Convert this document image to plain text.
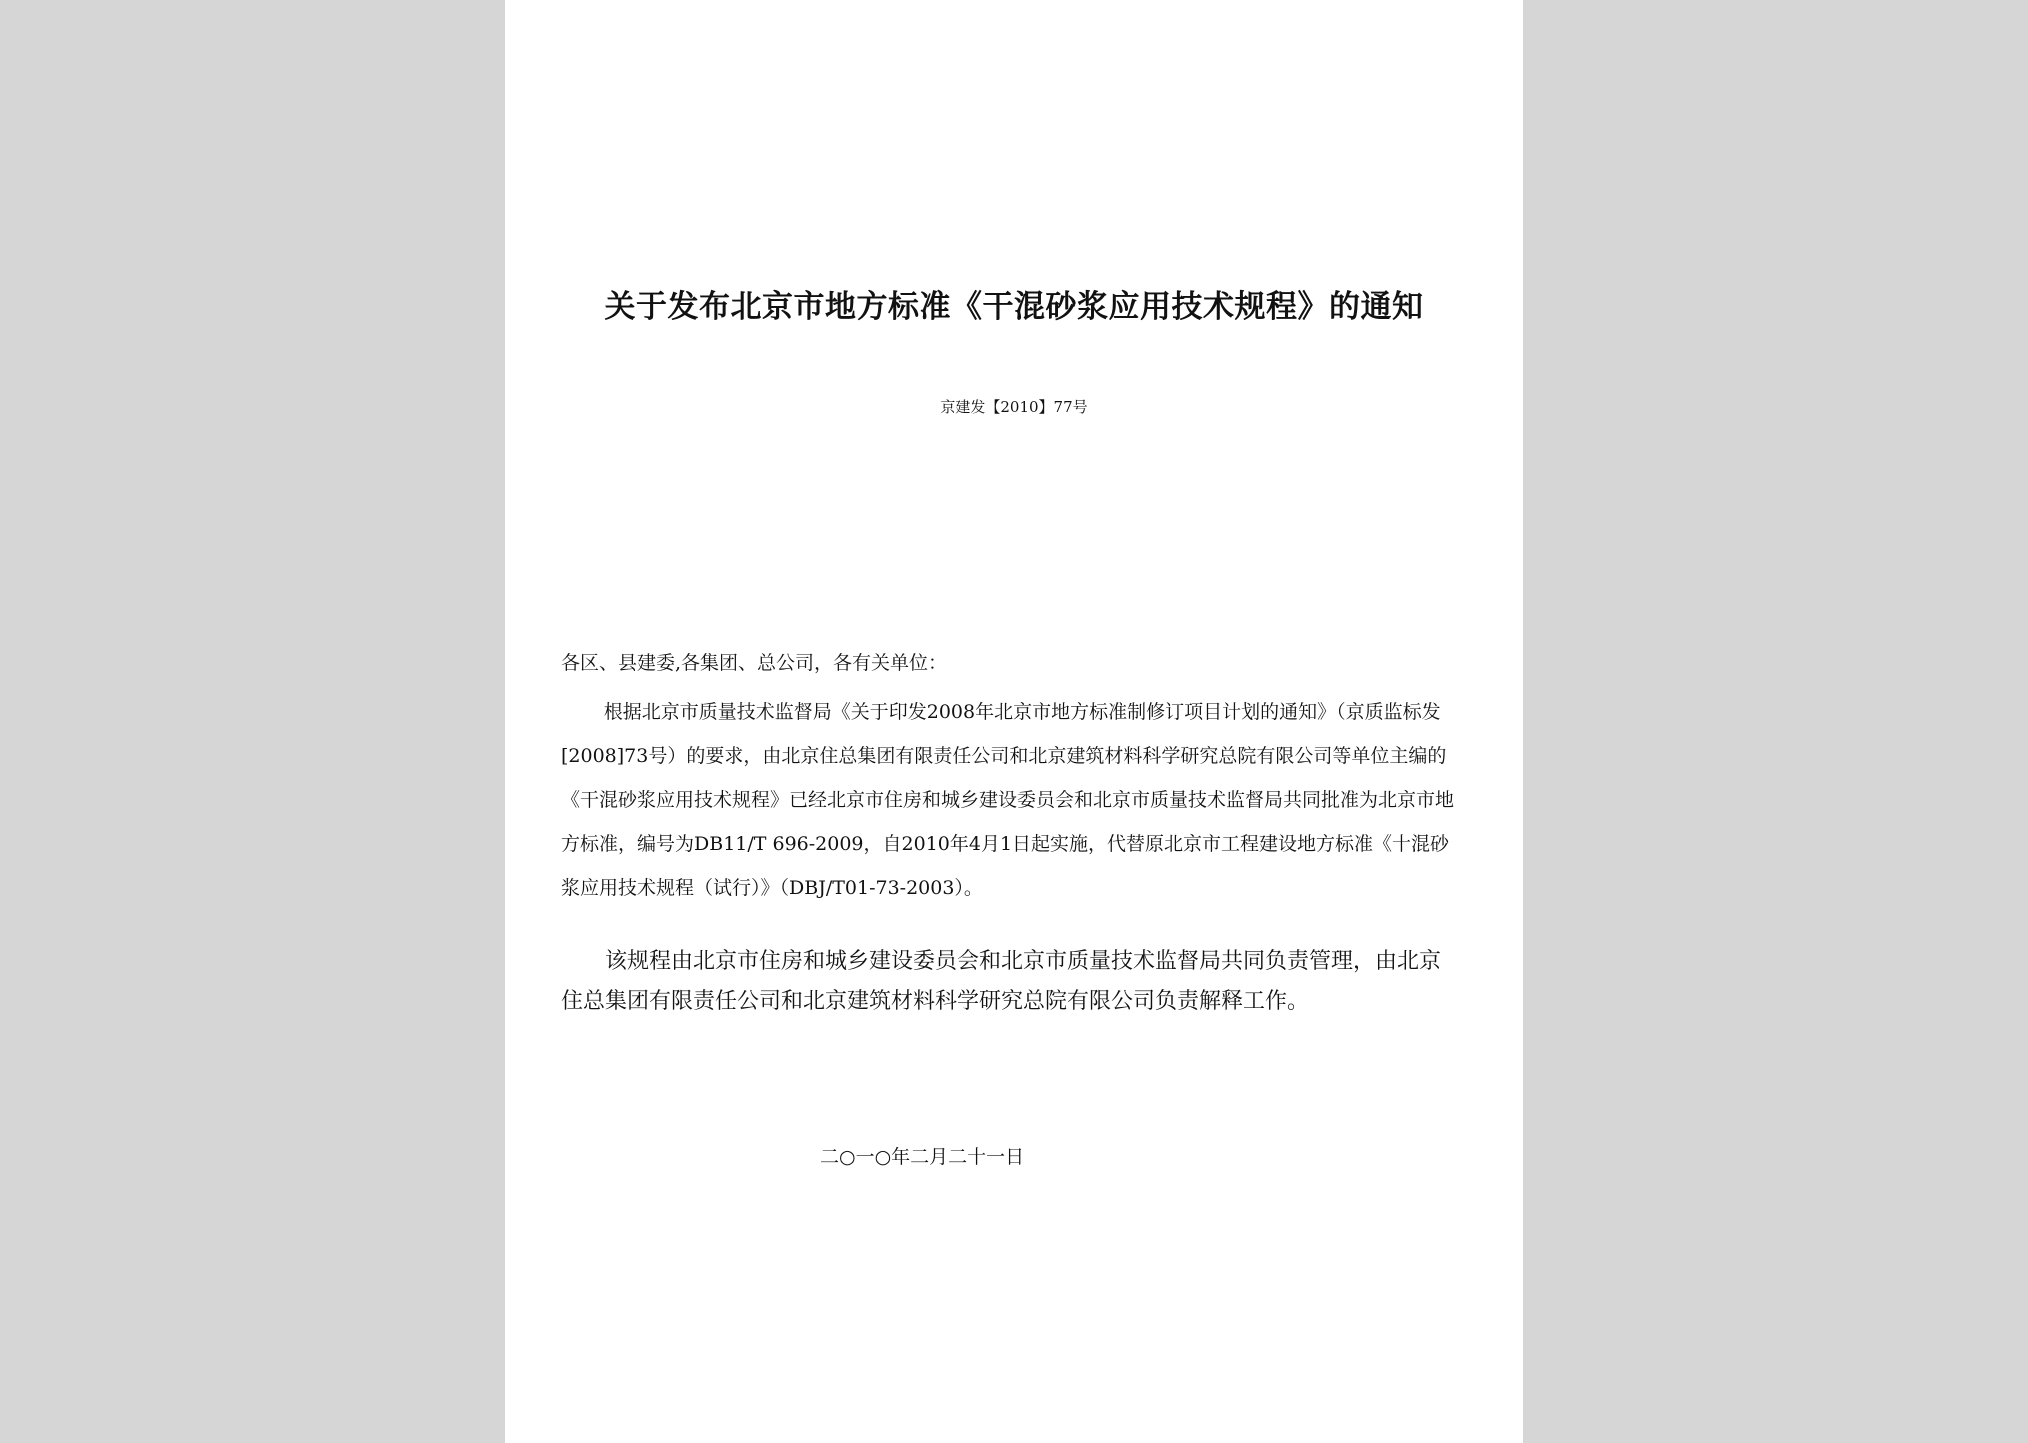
关于发布北京市地方标准《干混砂浆应用技术规程》的通知
京建发【2010】77号
各区、县建委,各集团、总公司，各有关单位：

根据北京市质量技术监督局《关于印发2008年北京市地方标准制修订项目计划的通知》（京质监标发[2008]73号）的要求，由北京住总集团有限责任公司和北京建筑材料科学研究总院有限公司等单位主编的《干混砂浆应用技术规程》已经北京市住房和城乡建设委员会和北京市质量技术监督局共同批准为北京市地方标准，编号为DB11/T 696-2009，自2010年4月1日起实施，代替原北京市工程建设地方标准《十混砂浆应用技术规程（试行）》（DBJ/T01-73-2003）。

该规程由北京市住房和城乡建设委员会和北京市质量技术监督局共同负责管理，由北京住总集团有限责任公司和北京建筑材料科学研究总院有限公司负责解释工作。

二○一○年二月二十一日
